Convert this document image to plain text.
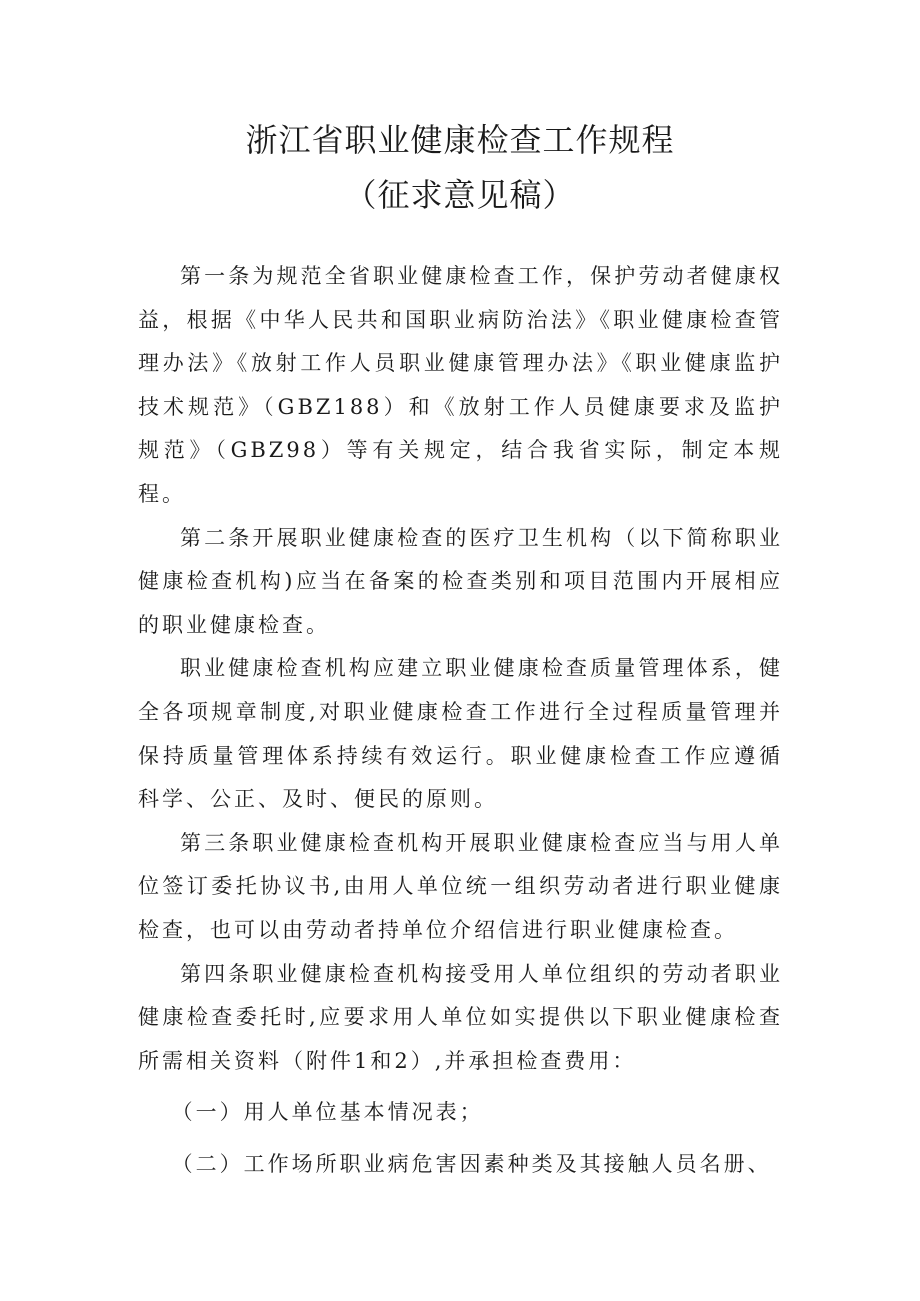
浙江省职业健康检查工作规程
（征求意见稿）

第一条为规范全省职业健康检查工作，保护劳动者健康权益，根据《中华人民共和国职业病防治法》《职业健康检查管理办法》《放射工作人员职业健康管理办法》《职业健康监护技术规范》（GBZ188）和《放射工作人员健康要求及监护规范》（GBZ98）等有关规定，结合我省实际，制定本规程。

第二条开展职业健康检查的医疗卫生机构（以下简称职业健康检查机构)应当在备案的检查类别和项目范围内开展相应的职业健康检查。

职业健康检查机构应建立职业健康检查质量管理体系，健全各项规章制度,对职业健康检查工作进行全过程质量管理并保持质量管理体系持续有效运行。职业健康检查工作应遵循科学、公正、及时、便民的原则。

第三条职业健康检查机构开展职业健康检查应当与用人单位签订委托协议书,由用人单位统一组织劳动者进行职业健康检查，也可以由劳动者持单位介绍信进行职业健康检查。

第四条职业健康检查机构接受用人单位组织的劳动者职业健康检查委托时,应要求用人单位如实提供以下职业健康检查所需相关资料（附件1和2）,并承担检查费用：

（一）用人单位基本情况表；

（二）工作场所职业病危害因素种类及其接触人员名册、
